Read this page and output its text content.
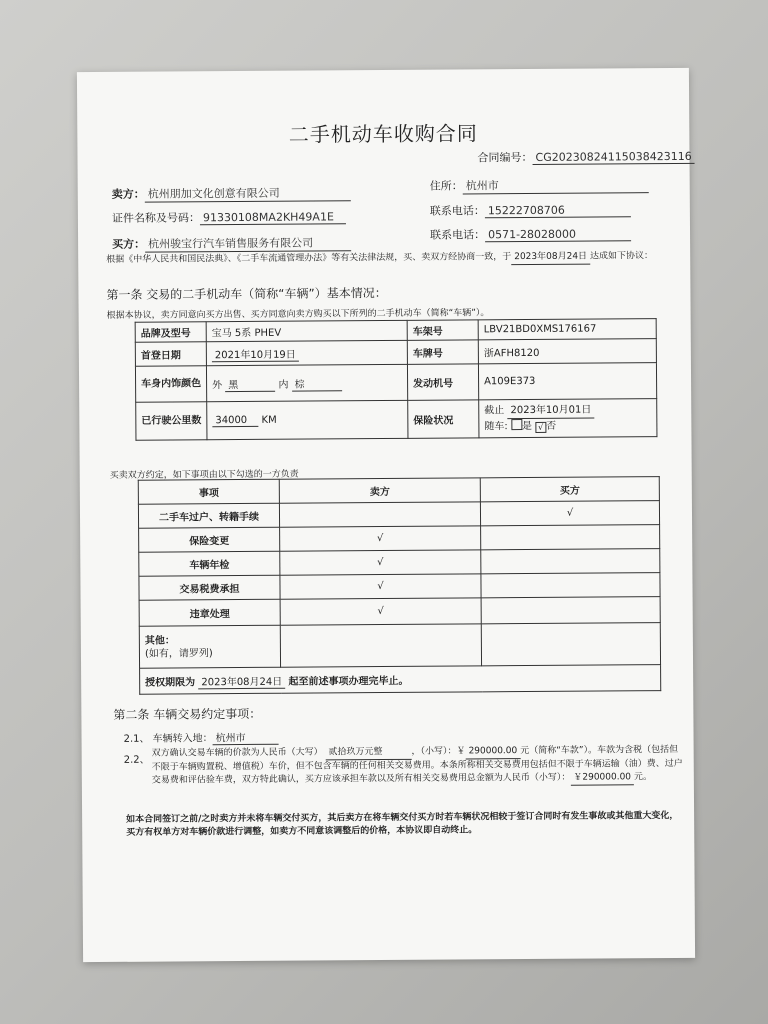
二手机动车收购合同
合同编号： CG20230824115038423116
卖方： 杭州朋加文化创意有限公司
住所： 杭州市
证件名称及号码： 91330108MA2KH49A1E	联系电话： 15222708706
买方： 杭州骏宝行汽车销售服务有限公司
联系电话： 0571-28028000
根据《中华人民共和国民法典》、《二手车流通管理办法》等有关法律法规，买、卖双方经协商一致，于 2023年08月24日 达成如下协议：
第一条 交易的二手机动车（简称“车辆”）基本情况：
根据本协议，卖方同意向买方出售、买方同意向卖方购买以下所列的二手机动车（简称“车辆”）。
品牌及型号	宝马 5系 PHEV	车架号	LBV21BD0XMS176167
首登日期	2021年10月19日	车牌号	浙AFH8120
车身内饰颜色	外 黑 内 棕	发动机号	A109E373
已行驶公里数	34000 KM	保险状况	截止 2023年10月01日
随车: 是 √ 否
买卖双方约定，如下事项由以下勾选的一方负责
事项	卖方	买方
二手车过户、转籍手续		√
保险变更	√	
车辆年检	√	
交易税费承担	√	
违章处理	√	
其他：
(如有，请罗列)		
授权期限为 2023年08月24日 起至前述事项办理完毕止。		
第二条 车辆交易约定事项：
2.1、 车辆转入地： 杭州市
2.2、
双方确认交易车辆的价款为人民币（大写） 贰拾玖万元整	，（小写）：￥ 290000.00 元（简称“车款”）。车款为含税（包括但不限于车辆购置税、增值税）车价，但不包含车辆的任何相关交易费用。本条所称相关交易费用包括但不限于车辆运输（油）费、过户交易费和评估验车费，双方特此确认，买方应该承担车款以及所有相关交易费用总金额为人民币（小写）： ￥290000.00 元。
如本合同签订之前/之时卖方并未将车辆交付买方，其后卖方在将车辆交付买方时若车辆状况相较于签订合同时有发生事故或其他重大变化，买方有权单方对车辆价款进行调整，如卖方不同意该调整后的价格，本协议即自动终止。
